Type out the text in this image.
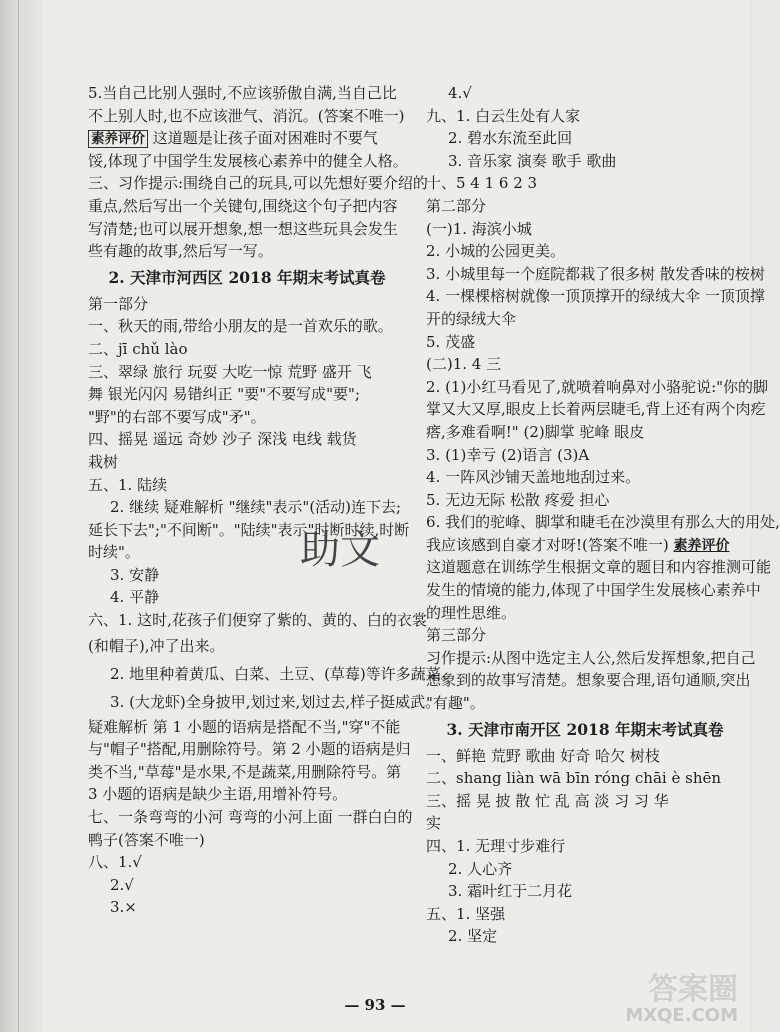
5.当自己比别人强时,不应该骄傲自满,当自己比
不上别人时,也不应该泄气、消沉。(答案不唯一)
素养评价 这道题是让孩子面对困难时不要气
馁,体现了中国学生发展核心素养中的健全人格。
三、习作提示:围绕自己的玩具,可以先想好要介绍的
重点,然后写出一个关键句,围绕这个句子把内容
写清楚;也可以展开想象,想一想这些玩具会发生
些有趣的故事,然后写一写。
2. 天津市河西区 2018 年期末考试真卷
第一部分
一、秋天的雨,带给小朋友的是一首欢乐的歌。
二、jī chǔ lào
三、翠绿 旅行 玩耍 大吃一惊 荒野 盛开 飞
舞 银光闪闪 易错纠正 "要"不要写成"要";
"野"的右部不要写成"矛"。
四、摇晃 遥远 奇妙 沙子 深浅 电线 载货
栽树
五、1. 陆续
2. 继续 疑难解析 "继续"表示"(活动)连下去;
延长下去";"不间断"。"陆续"表示"时断时续,时断
时续"。
3. 安静
4. 平静
六、1. 这时,花孩子们便穿了紫的、黄的、白的衣裳
(和帽子),冲了出来。
2. 地里种着黄瓜、白菜、土豆、(草莓)等许多蔬菜。
3. (大龙虾)全身披甲,划过来,划过去,样子挺威武。
疑难解析 第 1 小题的语病是搭配不当,"穿"不能
与"帽子"搭配,用删除符号。第 2 小题的语病是归
类不当,"草莓"是水果,不是蔬菜,用删除符号。第
3 小题的语病是缺少主语,用增补符号。
七、一条弯弯的小河 弯弯的小河上面 一群白白的
鸭子(答案不唯一)
八、1.√
2.√
3.×
4.√
九、1. 白云生处有人家
2. 碧水东流至此回
3. 音乐家 演奏 歌手 歌曲
十、5 4 1 6 2 3
第二部分
(一)1. 海滨小城
2. 小城的公园更美。
3. 小城里每一个庭院都栽了很多树 散发香味的桉树
4. 一棵棵榕树就像一顶顶撑开的绿绒大伞 一顶顶撑
开的绿绒大伞
5. 茂盛
(二)1. 4 三
2. (1)小红马看见了,就喷着响鼻对小骆驼说:"你的脚
掌又大又厚,眼皮上长着两层睫毛,背上还有两个肉疙
瘩,多难看啊!" (2)脚掌 驼峰 眼皮
3. (1)幸亏 (2)语言 (3)A
4. 一阵风沙铺天盖地地刮过来。
5. 无边无际 松散 疼爱 担心
6. 我们的驼峰、脚掌和睫毛在沙漠里有那么大的用处,
我应该感到自豪才对呀!(答案不唯一) 素养评价
这道题意在训练学生根据文章的题目和内容推测可能
发生的情境的能力,体现了中国学生发展核心素养中
的理性思维。
第三部分
习作提示:从图中选定主人公,然后发挥想象,把自己
想象到的故事写清楚。想象要合理,语句通顺,突出
"有趣"。
3. 天津市南开区 2018 年期末考试真卷
一、鲜艳 荒野 歌曲 好奇 哈欠 树枝
二、shang liàn wā bīn róng chāi è shēn
三、摇 晃 披 散 忙 乱 高 淡 习 习 华
实
四、1. 无理寸步难行
2. 人心齐
3. 霜叶红于二月花
五、1. 坚强
2. 坚定
助文
— 93 —	答案圈
MXQE.COM
